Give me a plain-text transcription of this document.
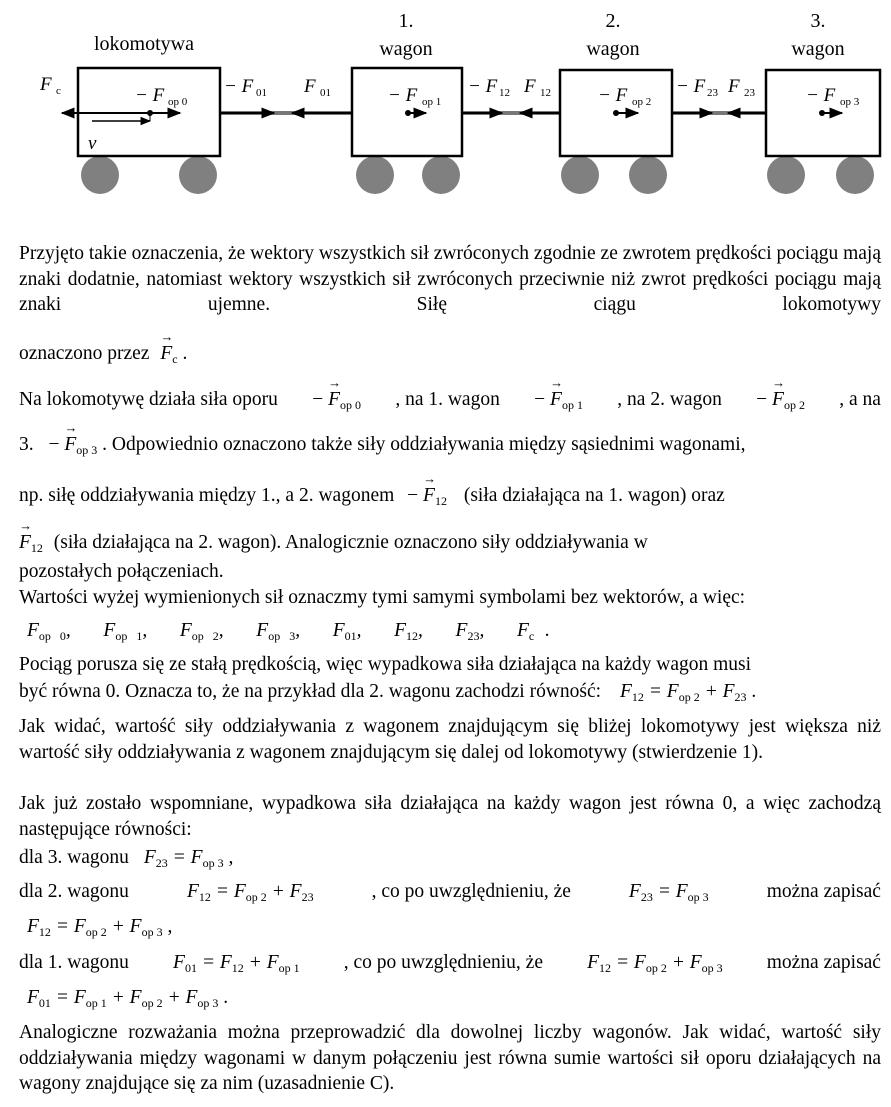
lokomotywa
1.
wagon
2.
wagon
3.
wagon
F c
v
− F op 0
− F 01 F 01	− F op 1
− F 12 F 12 − F op 2
− F 23 F 23	− F op 3
Przyjęto takie oznaczenia, że wektory wszystkich sił zwróconych zgodnie ze zwrotem prędkości pociągu mają znaki dodatnie, natomiast wektory wszystkich sił zwróconych przeciwnie niż zwrot prędkości pociągu mają znaki ujemne. Siłę ciągu lokomotywy
oznaczono przez → $F_c$ .
Na lokomotywę działa siła oporu − → $F_{op 0}$ , na 1. wagon − → $F_{op 1}$ , na 2. wagon − → $F_{op 2}$ , a na
3. − → $F_{op 3}$ . Odpowiednio oznaczono także siły oddziaływania między sąsiednimi wagonami,
np. siłę oddziaływania między 1., a 2. wagonem − → $F_{12}$ (siła działająca na 1. wagon) oraz
→ $F_{12}$ (siła działająca na 2. wagon). Analogicznie oznaczono siły oddziaływania w
pozostałych połączeniach.
Wartości wyżej wymienionych sił oznaczmy tymi samymi symbolami bez wektorów, a więc:
$F_{op 0}$,   $F_{op 1}$,   $F_{op 2}$,   $F_{op 3}$,   $F_{01}$,   $F_{12}$,   $F_{23}$,   $F_c$ .
Pociąg porusza się ze stałą prędkością, więc wypadkowa siła działająca na każdy wagon musi
być równa 0. Oznacza to, że na przykład dla 2. wagonu zachodzi równość: $F_{12} = F_{op 2} + F_{23}$ .
Jak widać, wartość siły oddziaływania z wagonem znajdującym się bliżej lokomotywy jest większa niż wartość siły oddziaływania z wagonem znajdującym się dalej od lokomotywy (stwierdzenie 1).
Jak już zostało wspomniane, wypadkowa siła działająca na każdy wagon jest równa 0, a więc zachodzą następujące równości:
dla 3. wagonu $F_{23} = F_{op 3}$ ,
dla 2. wagonu	$F_{12} = F_{op 2} + F_{23}$	, co po uwzględnieniu, że	$F_{23} = F_{op 3}$	można zapisać
$F_{12} = F_{op 2} + F_{op 3}$ ,
dla 1. wagonu $F_{01} = F_{12} + F_{op 1}$ , co po uwzględnieniu, że $F_{12} = F_{op 2} + F_{op 3}$ można zapisać
$F_{01} = F_{op 1} + F_{op 2} + F_{op 3}$ .
Analogiczne rozważania można przeprowadzić dla dowolnej liczby wagonów. Jak widać, wartość siły oddziaływania między wagonami w danym połączeniu jest równa sumie wartości sił oporu działających na wagony znajdujące się za nim (uzasadnienie C).
